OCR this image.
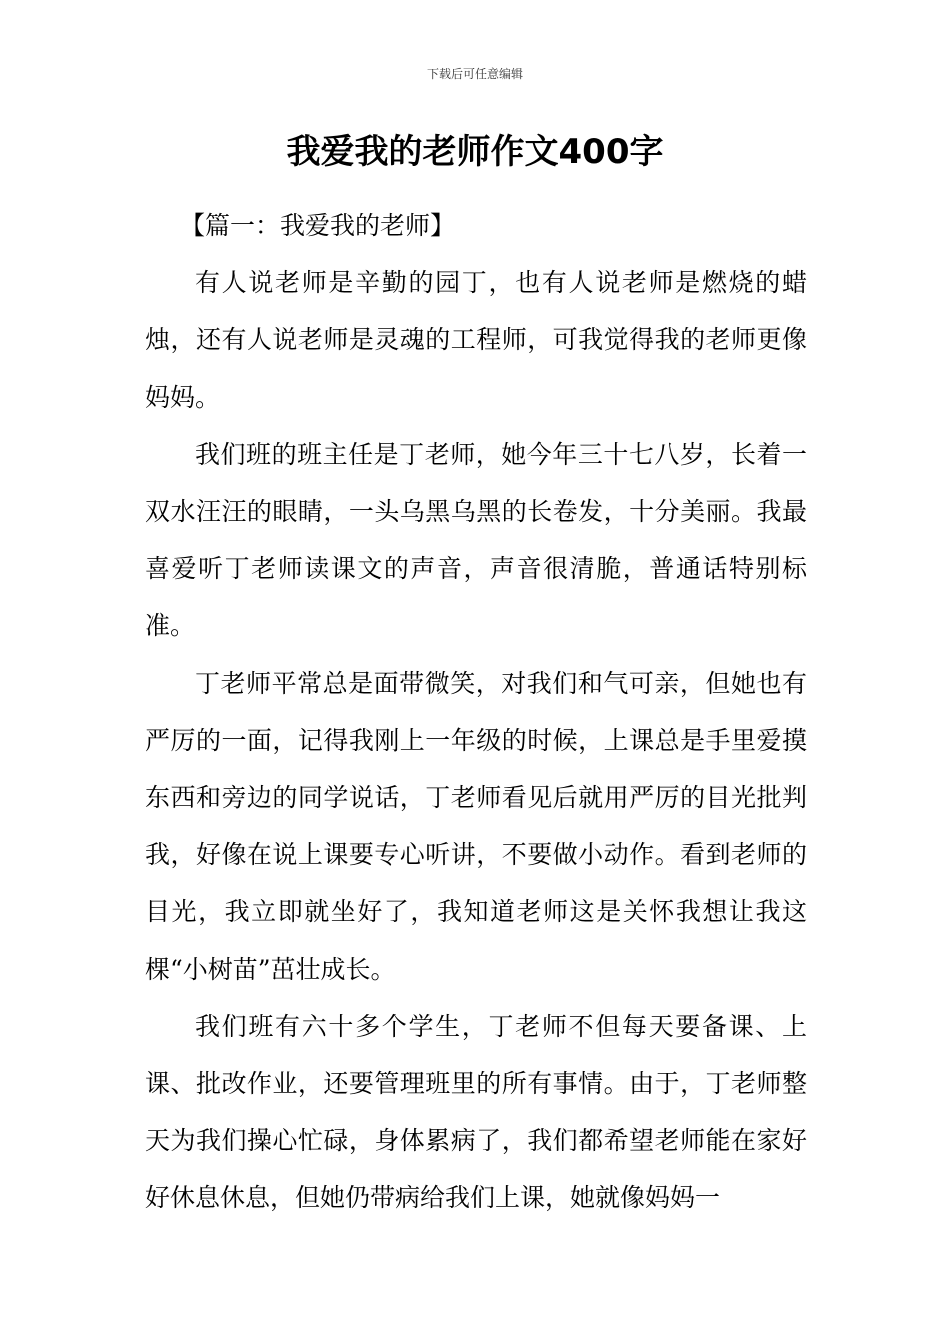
下载后可任意编辑
我爱我的老师作文400字

【篇一：我爱我的老师】

有人说老师是辛勤的园丁，也有人说老师是燃烧的蜡烛，还有人说老师是灵魂的工程师，可我觉得我的老师更像妈妈。

我们班的班主任是丁老师，她今年三十七八岁，长着一双水汪汪的眼睛，一头乌黑乌黑的长卷发，十分美丽。我最喜爱听丁老师读课文的声音，声音很清脆，普通话特别标准。

丁老师平常总是面带微笑，对我们和气可亲，但她也有严厉的一面，记得我刚上一年级的时候，上课总是手里爱摸东西和旁边的同学说话，丁老师看见后就用严厉的目光批判我，好像在说上课要专心听讲，不要做小动作。看到老师的目光，我立即就坐好了，我知道老师这是关怀我想让我这棵“小树苗”茁壮成长。

我们班有六十多个学生，丁老师不但每天要备课、上课、批改作业，还要管理班里的所有事情。由于，丁老师整天为我们操心忙碌，身体累病了，我们都希望老师能在家好好休息休息，但她仍带病给我们上课，她就像妈妈一
